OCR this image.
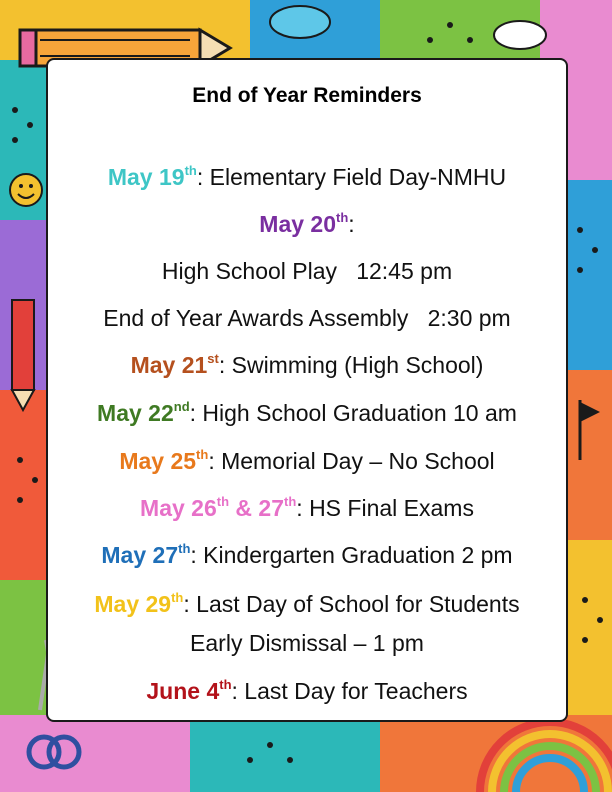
End of Year Reminders
May 19th: Elementary Field Day-NMHU
May 20th:
High School Play   12:45 pm
End of Year Awards Assembly   2:30 pm
May 21st: Swimming (High School)
May 22nd: High School Graduation 10 am
May 25th: Memorial Day – No School
May 26th & 27th: HS Final Exams
May 27th: Kindergarten Graduation 2 pm
May 29th: Last Day of School for Students
Early Dismissal – 1 pm
June 4th: Last Day for Teachers
